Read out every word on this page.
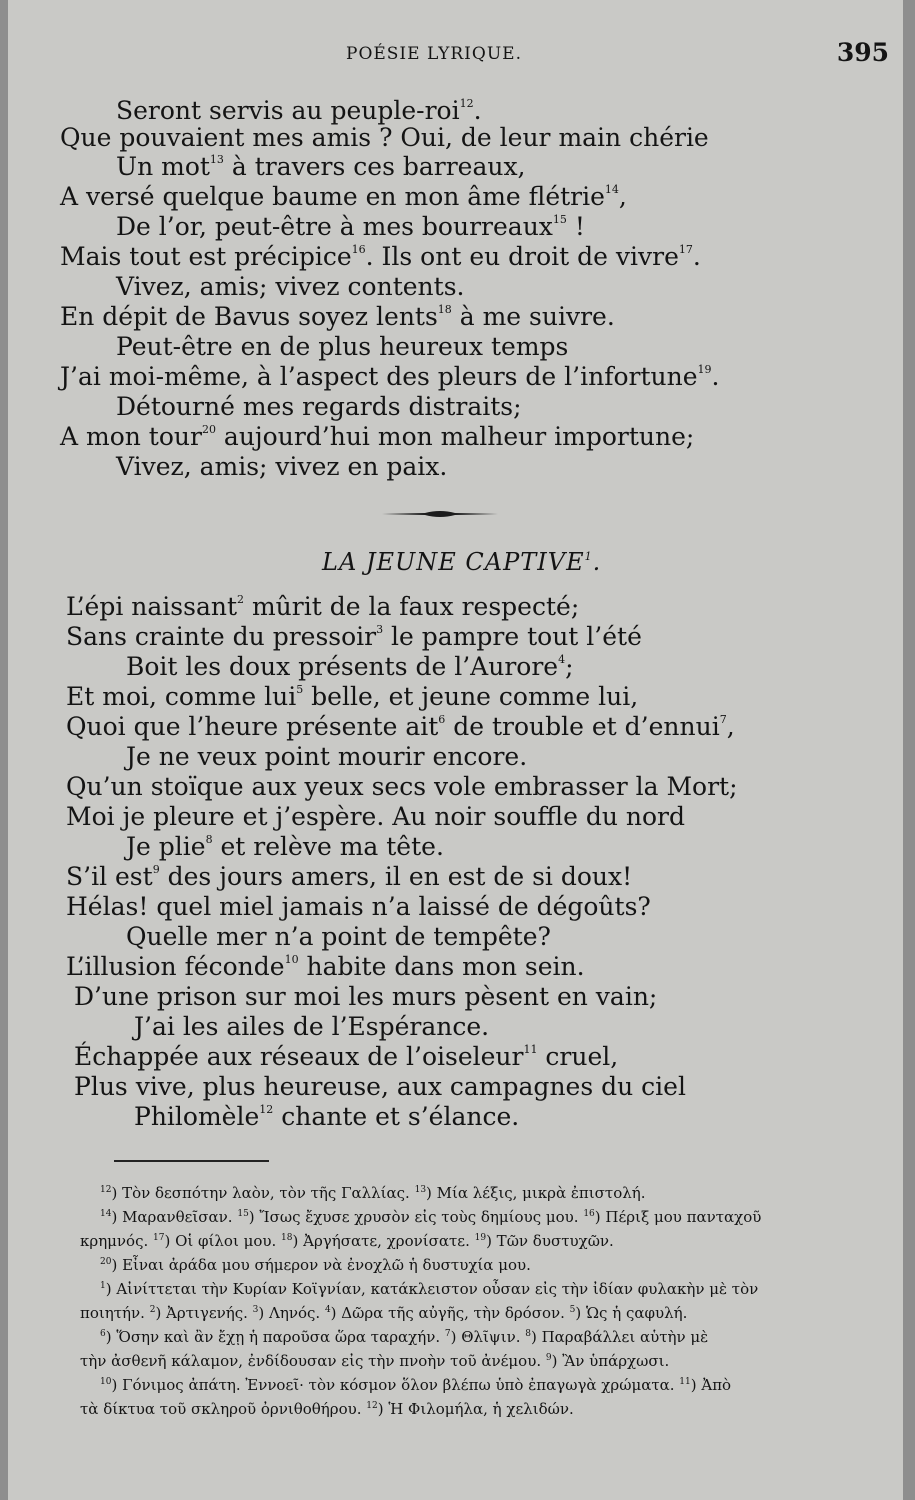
POÉSIE LYRIQUE.	395
Seront servis au peuple-roi$^{12}$.
Que pouvaient mes amis ? Oui, de leur main chérie
Un mot$^{13}$ à travers ces barreaux,
A versé quelque baume en mon âme flétrie$^{14}$,
De l’or, peut-être à mes bourreaux$^{15}$ !
Mais tout est précipice$^{16}$. Ils ont eu droit de vivre$^{17}$.
Vivez, amis; vivez contents.
En dépit de Bavus soyez lents$^{18}$ à me suivre.
Peut-être en de plus heureux temps
J’ai moi-même, à l’aspect des pleurs de l’infortune$^{19}$.
Détourné mes regards distraits;
A mon tour$^{20}$ aujourd’hui mon malheur importune;
Vivez, amis; vivez en paix.
LA JEUNE CAPTIVE$^1$.
L’épi naissant$^2$ mûrit de la faux respecté;
Sans crainte du pressoir$^3$ le pampre tout l’été
Boit les doux présents de l’Aurore$^4$;
Et moi, comme lui$^5$ belle, et jeune comme lui,
Quoi que l’heure présente ait$^6$ de trouble et d’ennui$^7$,
Je ne veux point mourir encore.
Qu’un stoïque aux yeux secs vole embrasser la Mort;
Moi je pleure et j’espère. Au noir souffle du nord
Je plie$^8$ et relève ma tête.
S’il est$^9$ des jours amers, il en est de si doux!
Hélas! quel miel jamais n’a laissé de dégoûts?
Quelle mer n’a point de tempête?
L’illusion féconde$^{10}$ habite dans mon sein.
D’une prison sur moi les murs pèsent en vain;
J’ai les ailes de l’Espérance.
Échappée aux réseaux de l’oiseleur$^{11}$ cruel,
Plus vive, plus heureuse, aux campagnes du ciel
Philomèle$^{12}$ chante et s’élance.
$^{12}$) Τὸν δεσπότην λαὸν, τὸν τῆς Γαλλίας. $^{13}$) Μία λέξις, μικρὰ ἐπιστολή.
$^{14}$) Μαρανθεῖσαν. $^{15}$) Ἴσως ἔχυσε χρυσὸν εἰς τοὺς δημίους μου. $^{16}$) Πέριξ μου πανταχοῦ
κρημνός. $^{17}$) Οἱ φίλοι μου. $^{18}$) Ἀργήσατε, χρονίσατε. $^{19}$) Τῶν δυστυχῶν.
$^{20}$) Εἶναι ἀράδα μου σήμερον νὰ ἐνοχλῶ ἡ δυστυχία μου.
$^1$) Αἰνίττεται τὴν Κυρίαν Κοϊγνίαν, κατάκλειστον οὖσαν εἰς τὴν ἰδίαν φυλακὴν μὲ τὸν
ποιητήν. $^2$) Ἀρτιγενής. $^3$) Ληνός. $^4$) Δῶρα τῆς αὐγῆς, τὴν δρόσον. $^5$) Ὡς ἡ ςαφυλή.
$^6$) Ὅσην καὶ ἂν ἔχῃ ἡ παροῦσα ὥρα ταραχήν. $^7$) Θλῖψιν. $^8$) Παραβάλλει αὑτὴν μὲ
τὴν ἀσθενῆ κάλαμον, ἐνδίδουσαν εἰς τὴν πνοὴν τοῦ ἀνέμου. $^9$) Ἂν ὑπάρχωσι.
$^{10}$) Γόνιμος ἀπάτη. Ἐννοεῖ· τὸν κόσμον ὅλον βλέπω ὑπὸ ἐπαγωγὰ χρώματα. $^{11}$) Ἀπὸ
τὰ δίκτυα τοῦ σκληροῦ ὀρνιθοθήρου. $^{12}$) Ἡ Φιλομήλα, ἡ χελιδών.
